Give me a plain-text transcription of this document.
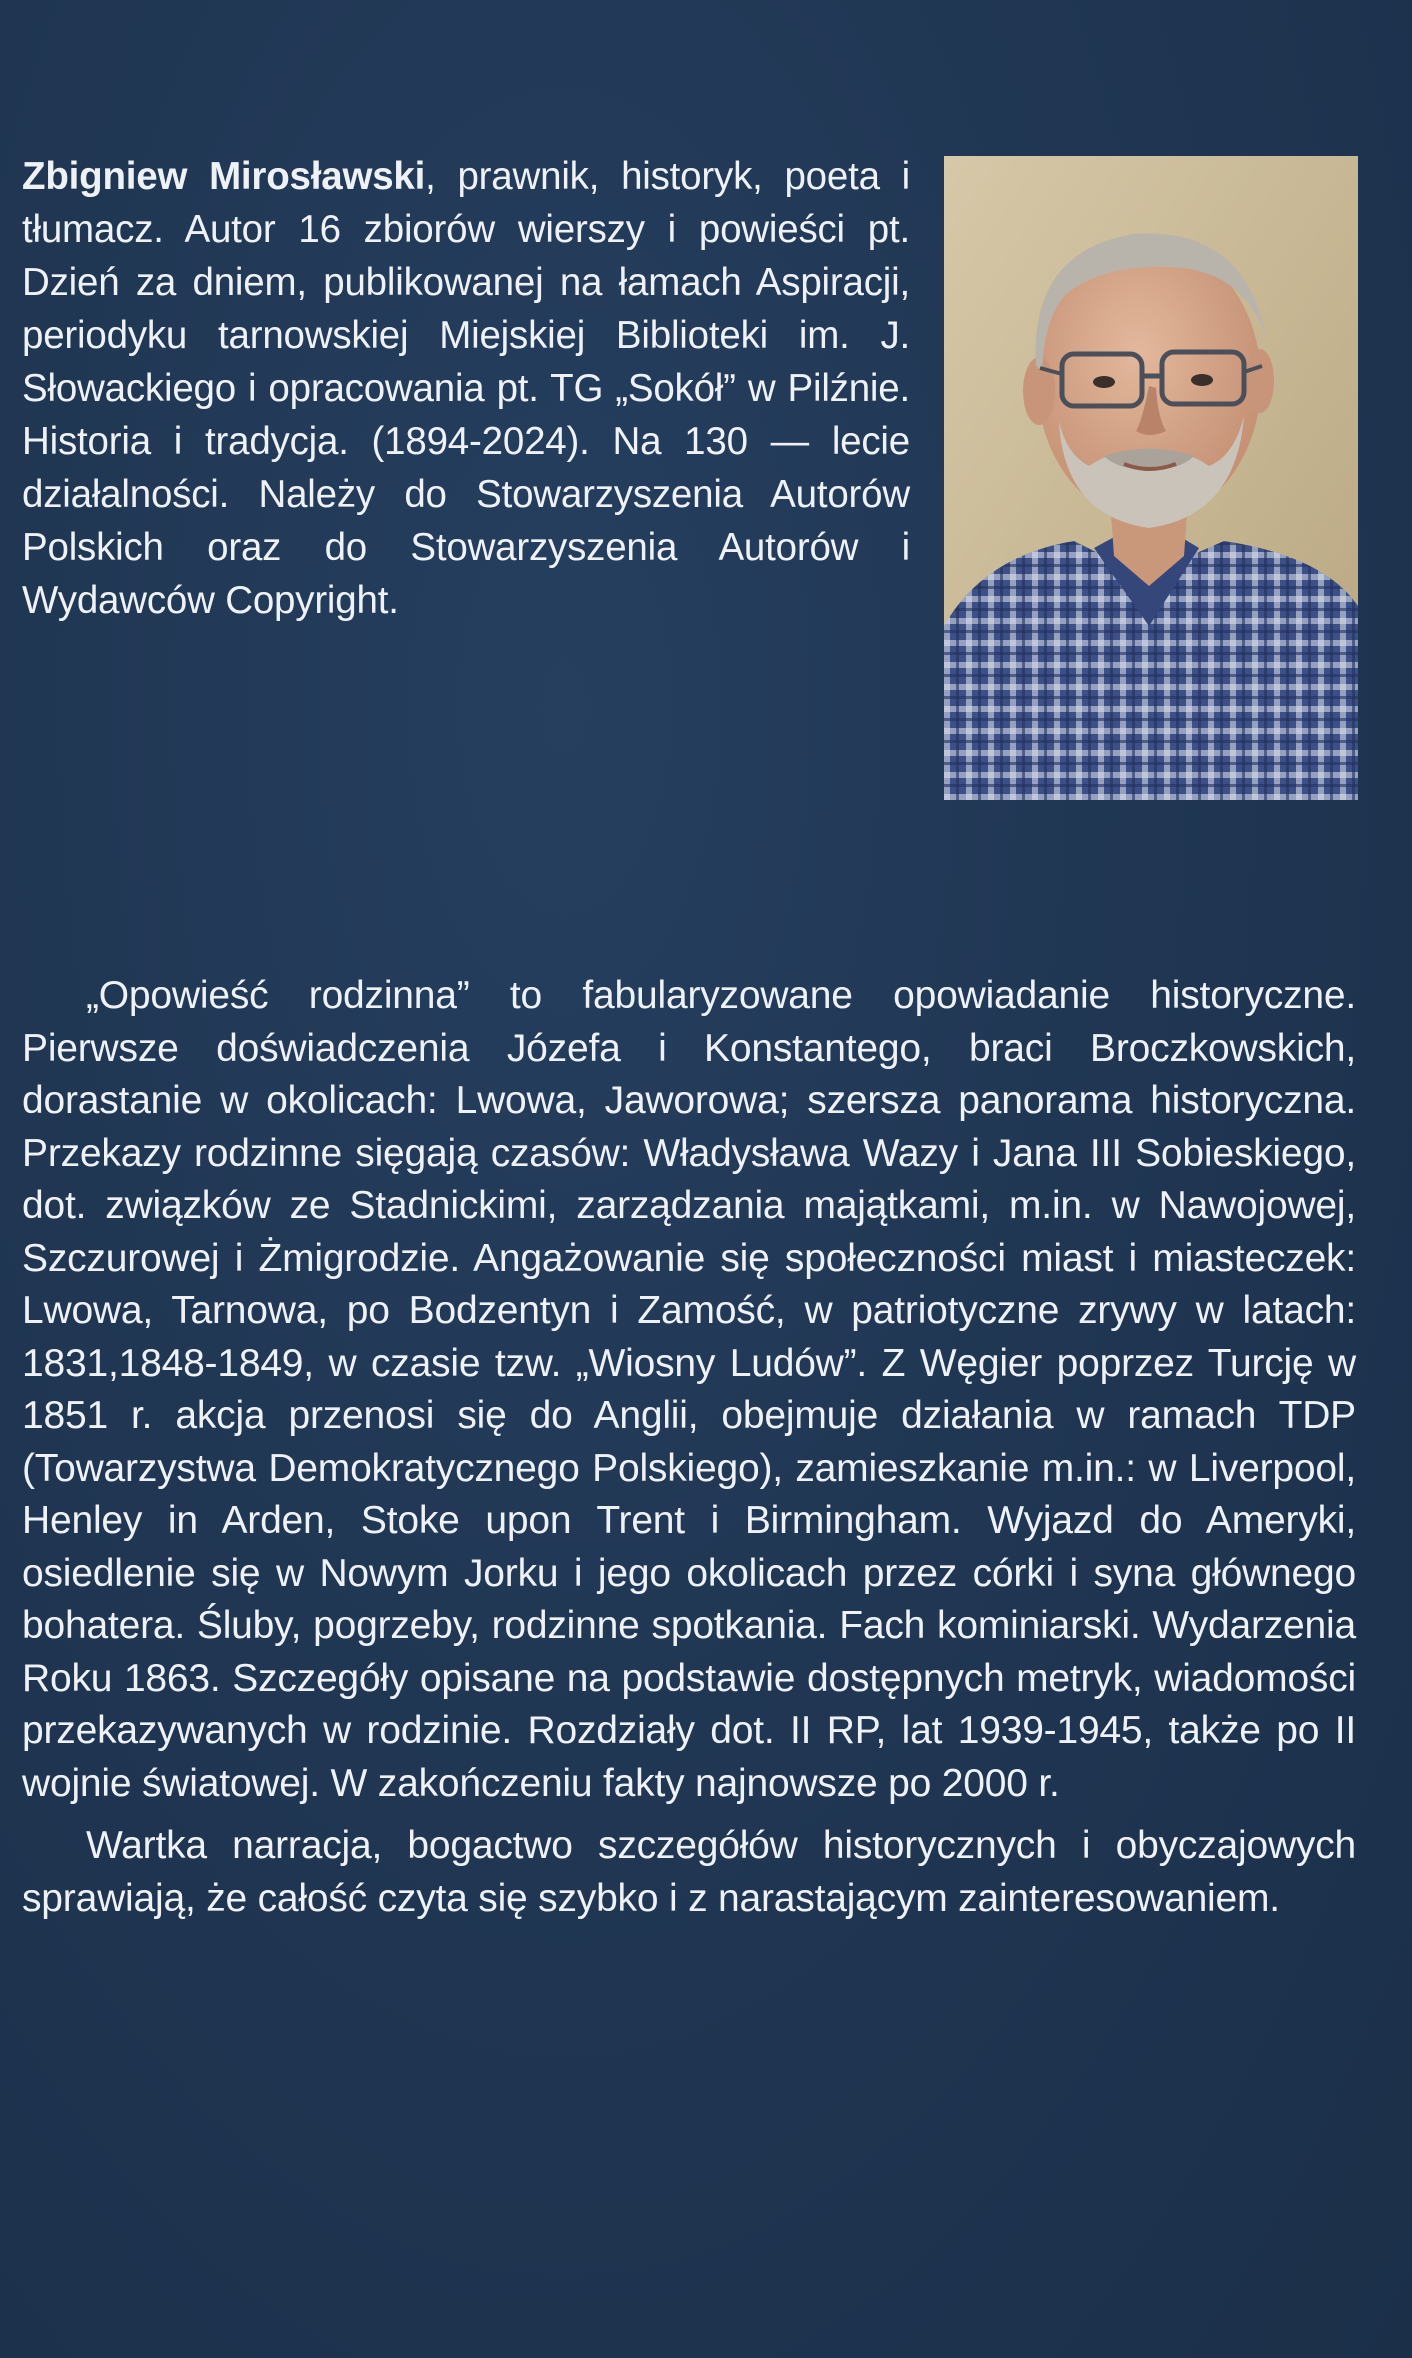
Zbigniew Mirosławski, prawnik, historyk, poeta i tłumacz. Autor 16 zbiorów wierszy i powieści pt. Dzień za dniem, publikowanej na łamach Aspiracji, periodyku tarnowskiej Miejskiej Biblioteki im. J. Słowackiego i opracowania pt. TG „Sokół” w Pilźnie. Historia i tradycja. (1894-2024). Na 130 — lecie działalności. Należy do Stowarzyszenia Autorów Polskich oraz do Stowarzyszenia Autorów i Wydawców Copyright.

„Opowieść rodzinna” to fabularyzowane opowiadanie historyczne. Pierwsze doświadczenia Józefa i Konstantego, braci Broczkowskich, dorastanie w okolicach: Lwowa, Jaworowa; szersza panorama historyczna. Przekazy rodzinne sięgają czasów: Władysława Wazy i Jana III Sobieskiego, dot. związków ze Stadnickimi, zarządzania majątkami, m.in. w Nawojowej, Szczurowej i Żmigrodzie. Angażowanie się społeczności miast i miasteczek: Lwowa, Tarnowa, po Bodzentyn i Zamość, w patriotyczne zrywy w latach: 1831,1848-1849, w czasie tzw. „Wiosny Ludów”. Z Węgier poprzez Turcję w 1851 r. akcja przenosi się do Anglii, obejmuje działania w ramach TDP (Towarzystwa Demokratycznego Polskiego), zamieszkanie m.in.: w Liverpool, Henley in Arden, Stoke upon Trent i Birmingham. Wyjazd do Ameryki, osiedlenie się w Nowym Jorku i jego okolicach przez córki i syna głównego bohatera. Śluby, pogrzeby, rodzinne spotkania. Fach kominiarski. Wydarzenia Roku 1863. Szczegóły opisane na podstawie dostępnych metryk, wiadomości przekazywanych w rodzinie. Rozdziały dot. II RP, lat 1939-1945, także po II wojnie światowej. W zakończeniu fakty najnowsze po 2000 r.

Wartka narracja, bogactwo szczegółów historycznych i obyczajowych sprawiają, że całość czyta się szybko i z narastającym zainteresowaniem.
